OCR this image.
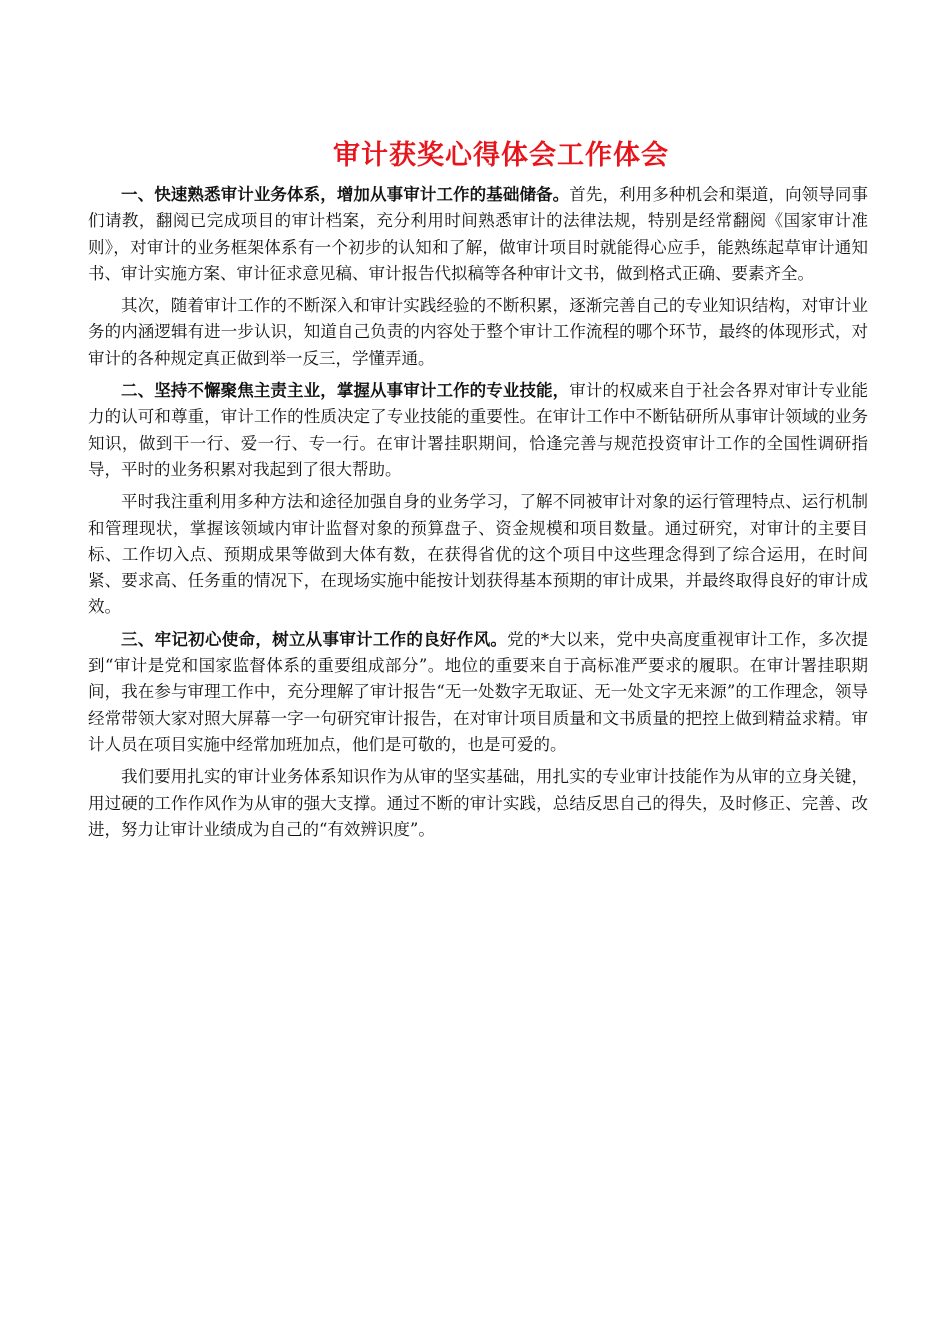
审计获奖心得体会工作体会

一、快速熟悉审计业务体系，增加从事审计工作的基础储备。首先，利用多种机会和渠道，向领导同事们请教，翻阅已完成项目的审计档案，充分利用时间熟悉审计的法律法规，特别是经常翻阅《国家审计准则》，对审计的业务框架体系有一个初步的认知和了解，做审计项目时就能得心应手，能熟练起草审计通知书、审计实施方案、审计征求意见稿、审计报告代拟稿等各种审计文书，做到格式正确、要素齐全。

其次，随着审计工作的不断深入和审计实践经验的不断积累，逐渐完善自己的专业知识结构，对审计业务的内涵逻辑有进一步认识，知道自己负责的内容处于整个审计工作流程的哪个环节，最终的体现形式，对审计的各种规定真正做到举一反三，学懂弄通。

二、坚持不懈聚焦主责主业，掌握从事审计工作的专业技能，审计的权威来自于社会各界对审计专业能力的认可和尊重，审计工作的性质决定了专业技能的重要性。在审计工作中不断钻研所从事审计领域的业务知识，做到干一行、爱一行、专一行。在审计署挂职期间，恰逢完善与规范投资审计工作的全国性调研指导，平时的业务积累对我起到了很大帮助。

平时我注重利用多种方法和途径加强自身的业务学习，了解不同被审计对象的运行管理特点、运行机制和管理现状，掌握该领域内审计监督对象的预算盘子、资金规模和项目数量。通过研究，对审计的主要目标、工作切入点、预期成果等做到大体有数，在获得省优的这个项目中这些理念得到了综合运用，在时间紧、要求高、任务重的情况下，在现场实施中能按计划获得基本预期的审计成果，并最终取得良好的审计成效。

三、牢记初心使命，树立从事审计工作的良好作风。党的*大以来，党中央高度重视审计工作，多次提到“审计是党和国家监督体系的重要组成部分”。地位的重要来自于高标准严要求的履职。在审计署挂职期间，我在参与审理工作中，充分理解了审计报告“无一处数字无取证、无一处文字无来源”的工作理念，领导经常带领大家对照大屏幕一字一句研究审计报告，在对审计项目质量和文书质量的把控上做到精益求精。审计人员在项目实施中经常加班加点，他们是可敬的，也是可爱的。

我们要用扎实的审计业务体系知识作为从审的坚实基础，用扎实的专业审计技能作为从审的立身关键，用过硬的工作作风作为从审的强大支撑。通过不断的审计实践，总结反思自己的得失，及时修正、完善、改进，努力让审计业绩成为自己的“有效辨识度”。
